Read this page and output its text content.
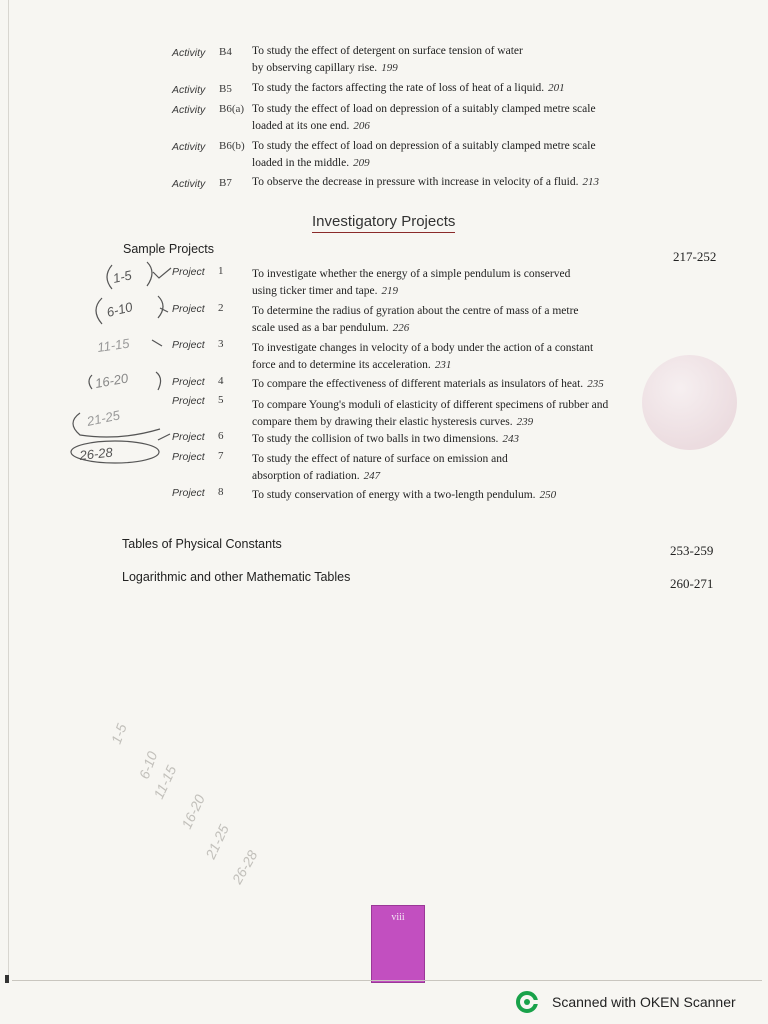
Activity B4 To study the effect of detergent on surface tension of water
by observing capillary rise. 199
Activity B5 To study the factors affecting the rate of loss of heat of a liquid. 201
Activity B6(a) To study the effect of load on depression of a suitably clamped metre scale
loaded at its one end. 206
Activity B6(b) To study the effect of load on depression of a suitably clamped metre scale
loaded in the middle. 209
Activity B7 To observe the decrease in pressure with increase in velocity of a fluid. 213
Investigatory Projects
Sample Projects	217-252
Project 1 To investigate whether the energy of a simple pendulum is conserved
using ticker timer and tape. 219
Project 2 To determine the radius of gyration about the centre of mass of a metre
scale used as a bar pendulum. 226
Project 3 To investigate changes in velocity of a body under the action of a constant
force and to determine its acceleration. 231
Project 4 To compare the effectiveness of different materials as insulators of heat. 235
Project 5 To compare Young's moduli of elasticity of different specimens of rubber and
compare them by drawing their elastic hysteresis curves. 239
Project 6 To study the collision of two balls in two dimensions. 243
Project 7 To study the effect of nature of surface on emission and
absorption of radiation. 247
Project 8 To study conservation of energy with a two-length pendulum. 250
Tables of Physical Constants	253-259
Logarithmic and other Mathematic Tables	260-271
1-5
6-10
11-15
16-20
21-25
26-28
1-5
6-10
11-15
16-20
21-25
26-28
viii
Scanned with OKEN Scanner
